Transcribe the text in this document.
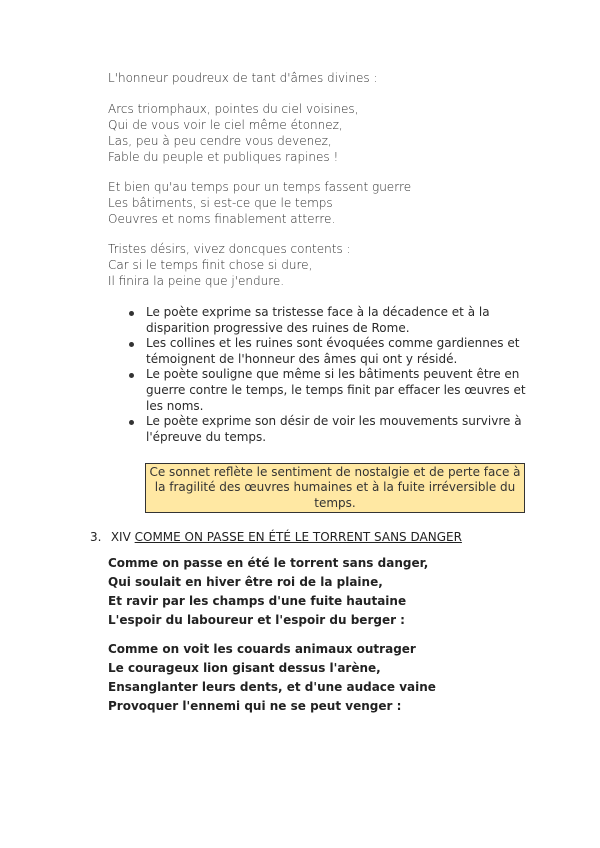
L'honneur poudreux de tant d'âmes divines :
Arcs triomphaux, pointes du ciel voisines,
Qui de vous voir le ciel même étonnez,
Las, peu à peu cendre vous devenez,
Fable du peuple et publiques rapines !
Et bien qu'au temps pour un temps fassent guerre
Les bâtiments, si est-ce que le temps
Oeuvres et noms finablement atterre.
Tristes désirs, vivez doncques contents :
Car si le temps finit chose si dure,
Il finira la peine que j'endure.
Le poète exprime sa tristesse face à la décadence et à la disparition progressive des ruines de Rome.
Les collines et les ruines sont évoquées comme gardiennes et témoignent de l'honneur des âmes qui ont y résidé.
Le poète souligne que même si les bâtiments peuvent être en guerre contre le temps, le temps finit par effacer les œuvres et les noms.
Le poète exprime son désir de voir les mouvements survivre à l'épreuve du temps.
Ce sonnet reflète le sentiment de nostalgie et de perte face à la fragilité des œuvres humaines et à la fuite irréversible du temps.
3. XIV COMME ON PASSE EN ÉTÉ LE TORRENT SANS DANGER
Comme on passe en été le torrent sans danger,
Qui soulait en hiver être roi de la plaine,
Et ravir par les champs d'une fuite hautaine
L'espoir du laboureur et l'espoir du berger :
Comme on voit les couards animaux outrager
Le courageux lion gisant dessus l'arène,
Ensanglanter leurs dents, et d'une audace vaine
Provoquer l'ennemi qui ne se peut venger :
